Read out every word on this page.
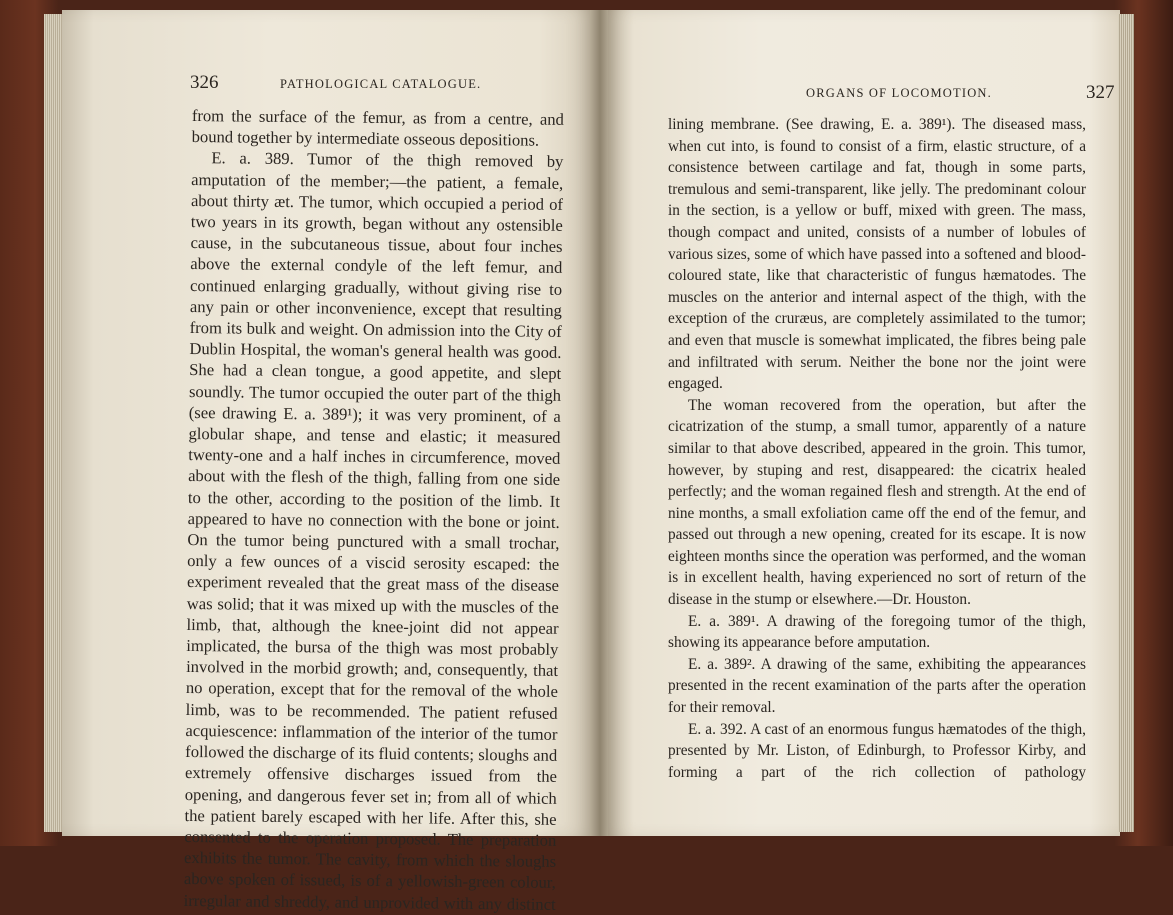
326	PATHOLOGICAL CATALOGUE.

from the surface of the femur, as from a centre, and bound together by intermediate osseous depositions.

E. a. 389. Tumor of the thigh removed by amputation of the member;—the patient, a female, about thirty æt. The tumor, which occupied a period of two years in its growth, began without any ostensible cause, in the subcutaneous tissue, about four inches above the external condyle of the left femur, and continued enlarging gradually, without giving rise to any pain or other inconvenience, except that resulting from its bulk and weight. On admission into the City of Dublin Hospital, the woman's general health was good. She had a clean tongue, a good appetite, and slept soundly. The tumor occupied the outer part of the thigh (see drawing E. a. 389¹); it was very prominent, of a globular shape, and tense and elastic; it measured twenty-one and a half inches in circumference, moved about with the flesh of the thigh, falling from one side to the other, according to the position of the limb. It appeared to have no connection with the bone or joint. On the tumor being punctured with a small trochar, only a few ounces of a viscid serosity escaped: the experiment revealed that the great mass of the disease was solid; that it was mixed up with the muscles of the limb, that, although the knee-joint did not appear implicated, the bursa of the thigh was most probably involved in the morbid growth; and, consequently, that no operation, except that for the removal of the whole limb, was to be recommended. The patient refused acquiescence: inflammation of the interior of the tumor followed the discharge of its fluid contents; sloughs and extremely offensive discharges issued from the opening, and dangerous fever set in; from all of which the patient barely escaped with her life. After this, she consented to the operation proposed. The preparation exhibits the tumor. The cavity, from which the sloughs above spoken of issued, is of a yellowish-green colour, irregular and shreddy, and unprovided with any distinct

ORGANS OF LOCOMOTION.	327

lining membrane. (See drawing, E. a. 389¹). The diseased mass, when cut into, is found to consist of a firm, elastic structure, of a consistence between cartilage and fat, though in some parts, tremulous and semi-transparent, like jelly. The predominant colour in the section, is a yellow or buff, mixed with green. The mass, though compact and united, consists of a number of lobules of various sizes, some of which have passed into a softened and blood-coloured state, like that characteristic of fungus hæmatodes. The muscles on the anterior and internal aspect of the thigh, with the exception of the cruræus, are completely assimilated to the tumor; and even that muscle is somewhat implicated, the fibres being pale and infiltrated with serum. Neither the bone nor the joint were engaged.

The woman recovered from the operation, but after the cicatrization of the stump, a small tumor, apparently of a nature similar to that above described, appeared in the groin. This tumor, however, by stuping and rest, disappeared: the cicatrix healed perfectly; and the woman regained flesh and strength. At the end of nine months, a small exfoliation came off the end of the femur, and passed out through a new opening, created for its escape. It is now eighteen months since the operation was performed, and the woman is in excellent health, having experienced no sort of return of the disease in the stump or elsewhere.—Dr. Houston.

E. a. 389¹. A drawing of the foregoing tumor of the thigh, showing its appearance before amputation.

E. a. 389². A drawing of the same, exhibiting the appearances presented in the recent examination of the parts after the operation for their removal.

E. a. 392. A cast of an enormous fungus hæmatodes of the thigh, presented by Mr. Liston, of Edinburgh, to Professor Kirby, and forming a part of the rich collection of pathology
